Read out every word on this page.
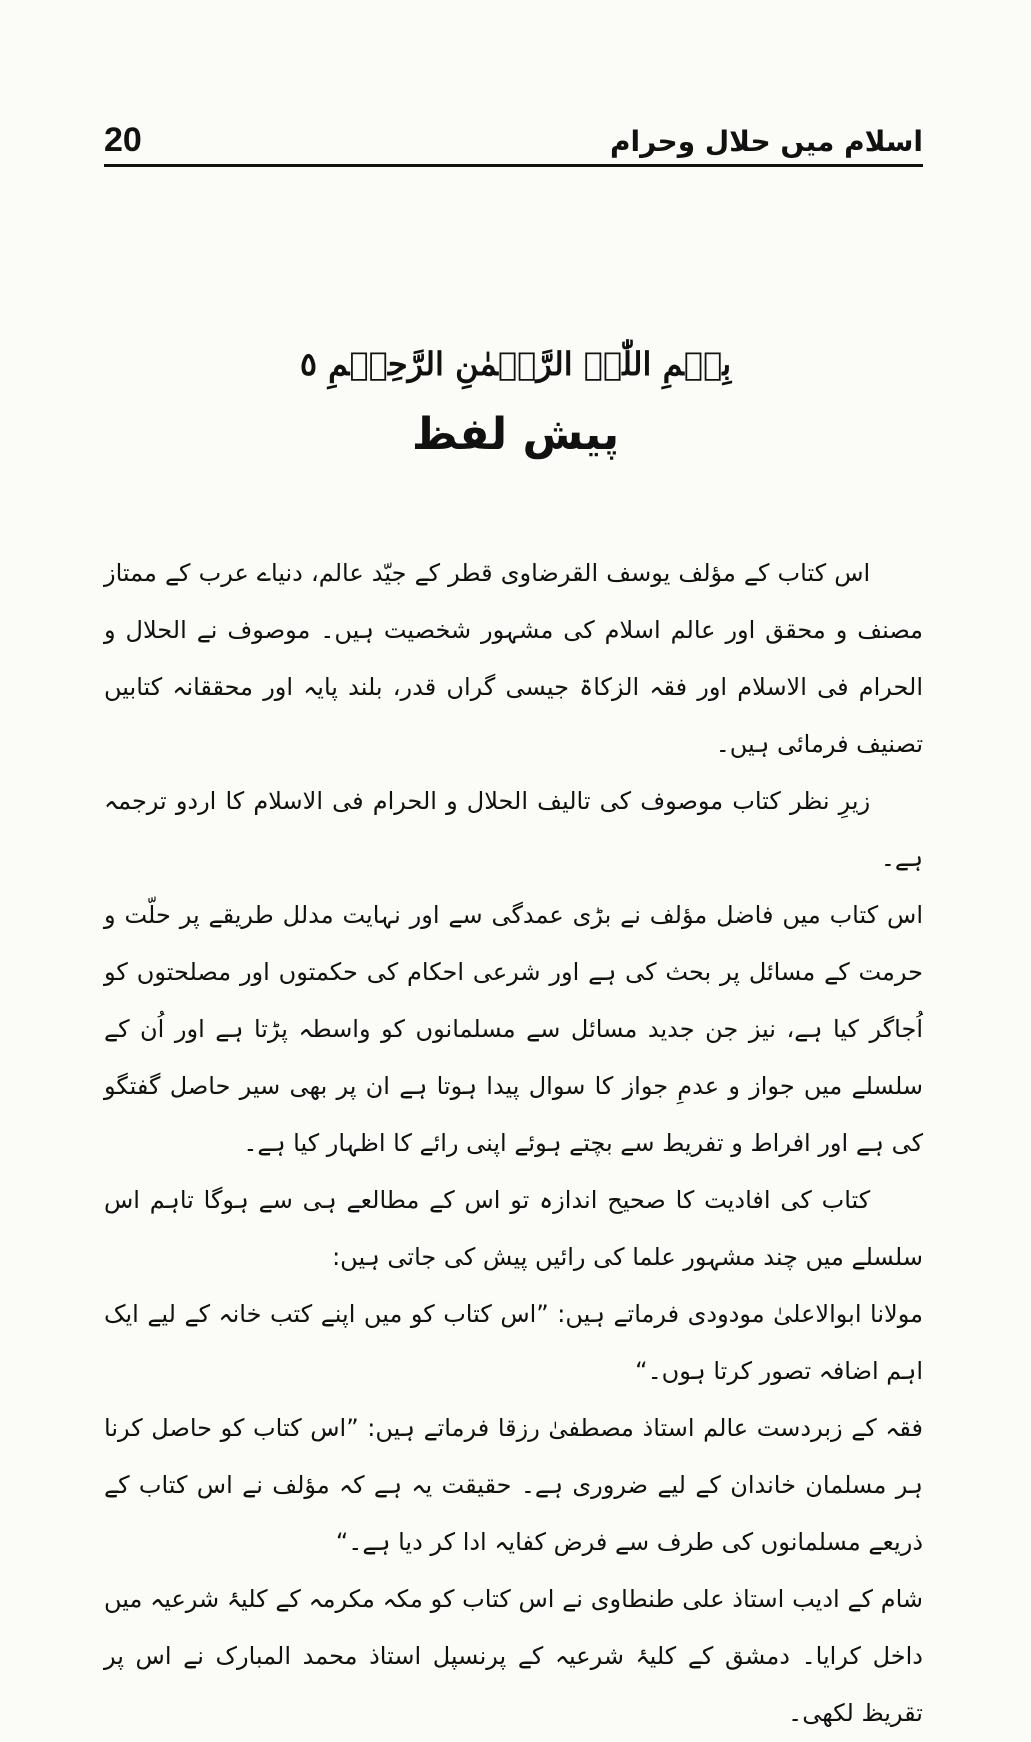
20	اسلام میں حلال وحرام
بِسۡمِ اللّٰہِ الرَّحۡمٰنِ الرَّحِیۡمِ ٥
پیش لفظ

اس کتاب کے مؤلف یوسف القرضاوی قطر کے جیّد عالم، دنیاے عرب کے ممتاز مصنف و محقق اور عالم اسلام کی مشہور شخصیت ہیں۔ موصوف نے الحلال و الحرام فی الاسلام اور فقہ الزکاۃ جیسی گراں قدر، بلند پایہ اور محققانہ کتابیں تصنیف فرمائی ہیں۔

زیرِ نظر کتاب موصوف کی تالیف الحلال و الحرام فی الاسلام کا اردو ترجمہ ہے۔

اس کتاب میں فاضل مؤلف نے بڑی عمدگی سے اور نہایت مدلل طریقے پر حلّت و حرمت کے مسائل پر بحث کی ہے اور شرعی احکام کی حکمتوں اور مصلحتوں کو اُجاگر کیا ہے، نیز جن جدید مسائل سے مسلمانوں کو واسطہ پڑتا ہے اور اُن کے سلسلے میں جواز و عدمِ جواز کا سوال پیدا ہوتا ہے ان پر بھی سیر حاصل گفتگو کی ہے اور افراط و تفریط سے بچتے ہوئے اپنی رائے کا اظہار کیا ہے۔

کتاب کی افادیت کا صحیح اندازہ تو اس کے مطالعے ہی سے ہوگا تاہم اس سلسلے میں چند مشہور علما کی رائیں پیش کی جاتی ہیں:

مولانا ابوالاعلیٰ مودودی فرماتے ہیں: ”اس کتاب کو میں اپنے کتب خانہ کے لیے ایک اہم اضافہ تصور کرتا ہوں۔“

فقہ کے زبردست عالم استاذ مصطفیٰ رزقا فرماتے ہیں: ”اس کتاب کو حاصل کرنا ہر مسلمان خاندان کے لیے ضروری ہے۔ حقیقت یہ ہے کہ مؤلف نے اس کتاب کے ذریعے مسلمانوں کی طرف سے فرض کفایہ ادا کر دیا ہے۔“

شام کے ادیب استاذ علی طنطاوی نے اس کتاب کو مکہ مکرمہ کے کلیۂ شرعیہ میں داخل کرایا۔ دمشق کے کلیۂ شرعیہ کے پرنسپل استاذ محمد المبارک نے اس پر تقریظ لکھی۔
